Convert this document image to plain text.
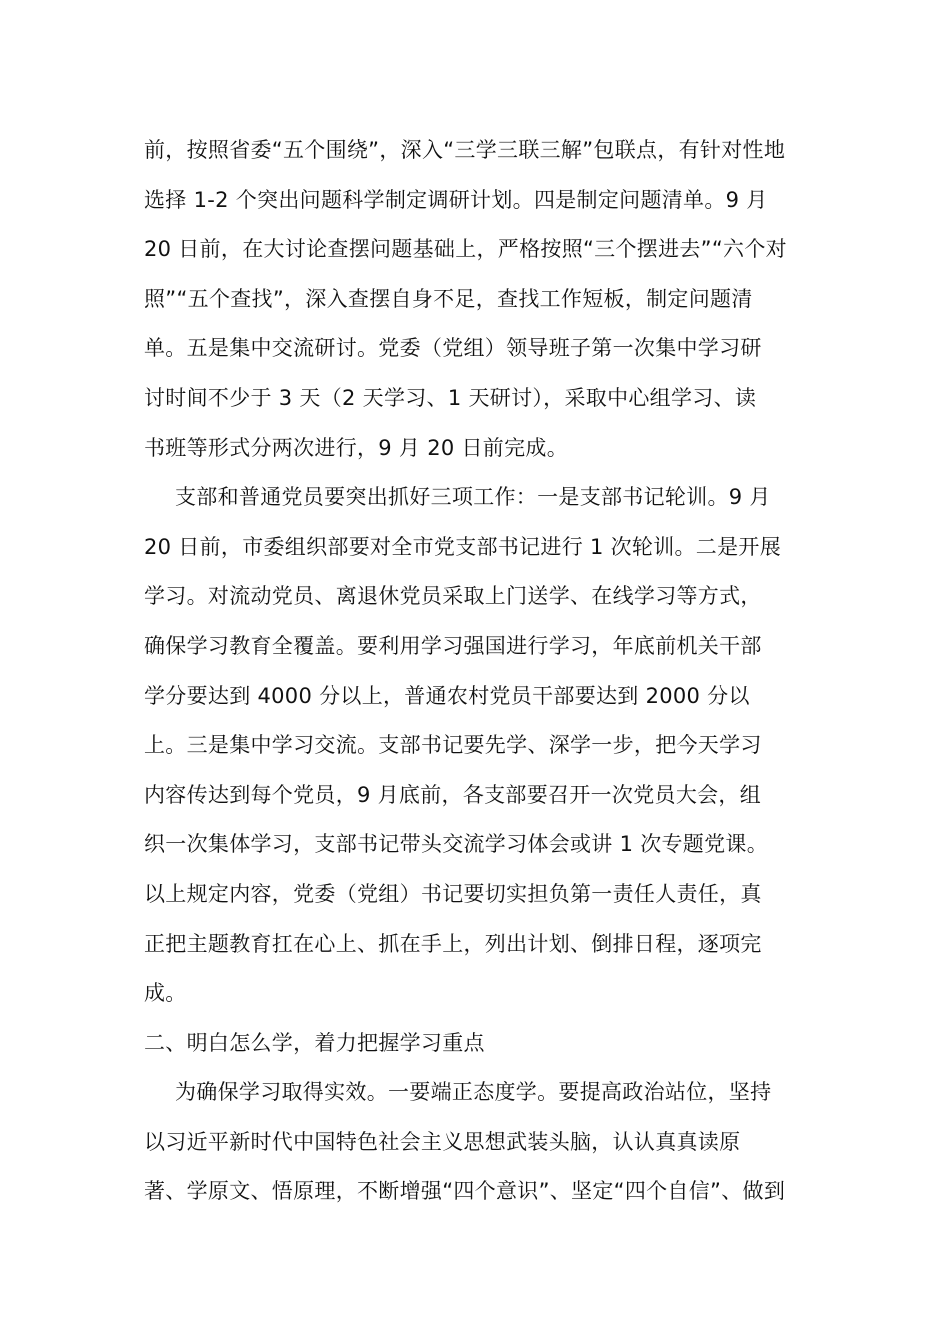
前，按照省委“五个围绕”，深入“三学三联三解”包联点，有针对性地
选择 1-2 个突出问题科学制定调研计划。四是制定问题清单。9 月
20 日前，在大讨论查摆问题基础上，严格按照“三个摆进去”“六个对
照”“五个查找”，深入查摆自身不足，查找工作短板，制定问题清
单。五是集中交流研讨。党委（党组）领导班子第一次集中学习研
讨时间不少于 3 天（2 天学习、1 天研讨），采取中心组学习、读
书班等形式分两次进行，9 月 20 日前完成。
支部和普通党员要突出抓好三项工作：一是支部书记轮训。9 月
20 日前，市委组织部要对全市党支部书记进行 1 次轮训。二是开展
学习。对流动党员、离退休党员采取上门送学、在线学习等方式，
确保学习教育全覆盖。要利用学习强国进行学习，年底前机关干部
学分要达到 4000 分以上，普通农村党员干部要达到 2000 分以
上。三是集中学习交流。支部书记要先学、深学一步，把今天学习
内容传达到每个党员，9 月底前，各支部要召开一次党员大会，组
织一次集体学习，支部书记带头交流学习体会或讲 1 次专题党课。
以上规定内容，党委（党组）书记要切实担负第一责任人责任，真
正把主题教育扛在心上、抓在手上，列出计划、倒排日程，逐项完
成。
二、明白怎么学，着力把握学习重点
为确保学习取得实效。一要端正态度学。要提高政治站位，坚持
以习近平新时代中国特色社会主义思想武装头脑，认认真真读原
著、学原文、悟原理，不断增强“四个意识”、坚定“四个自信”、做到
